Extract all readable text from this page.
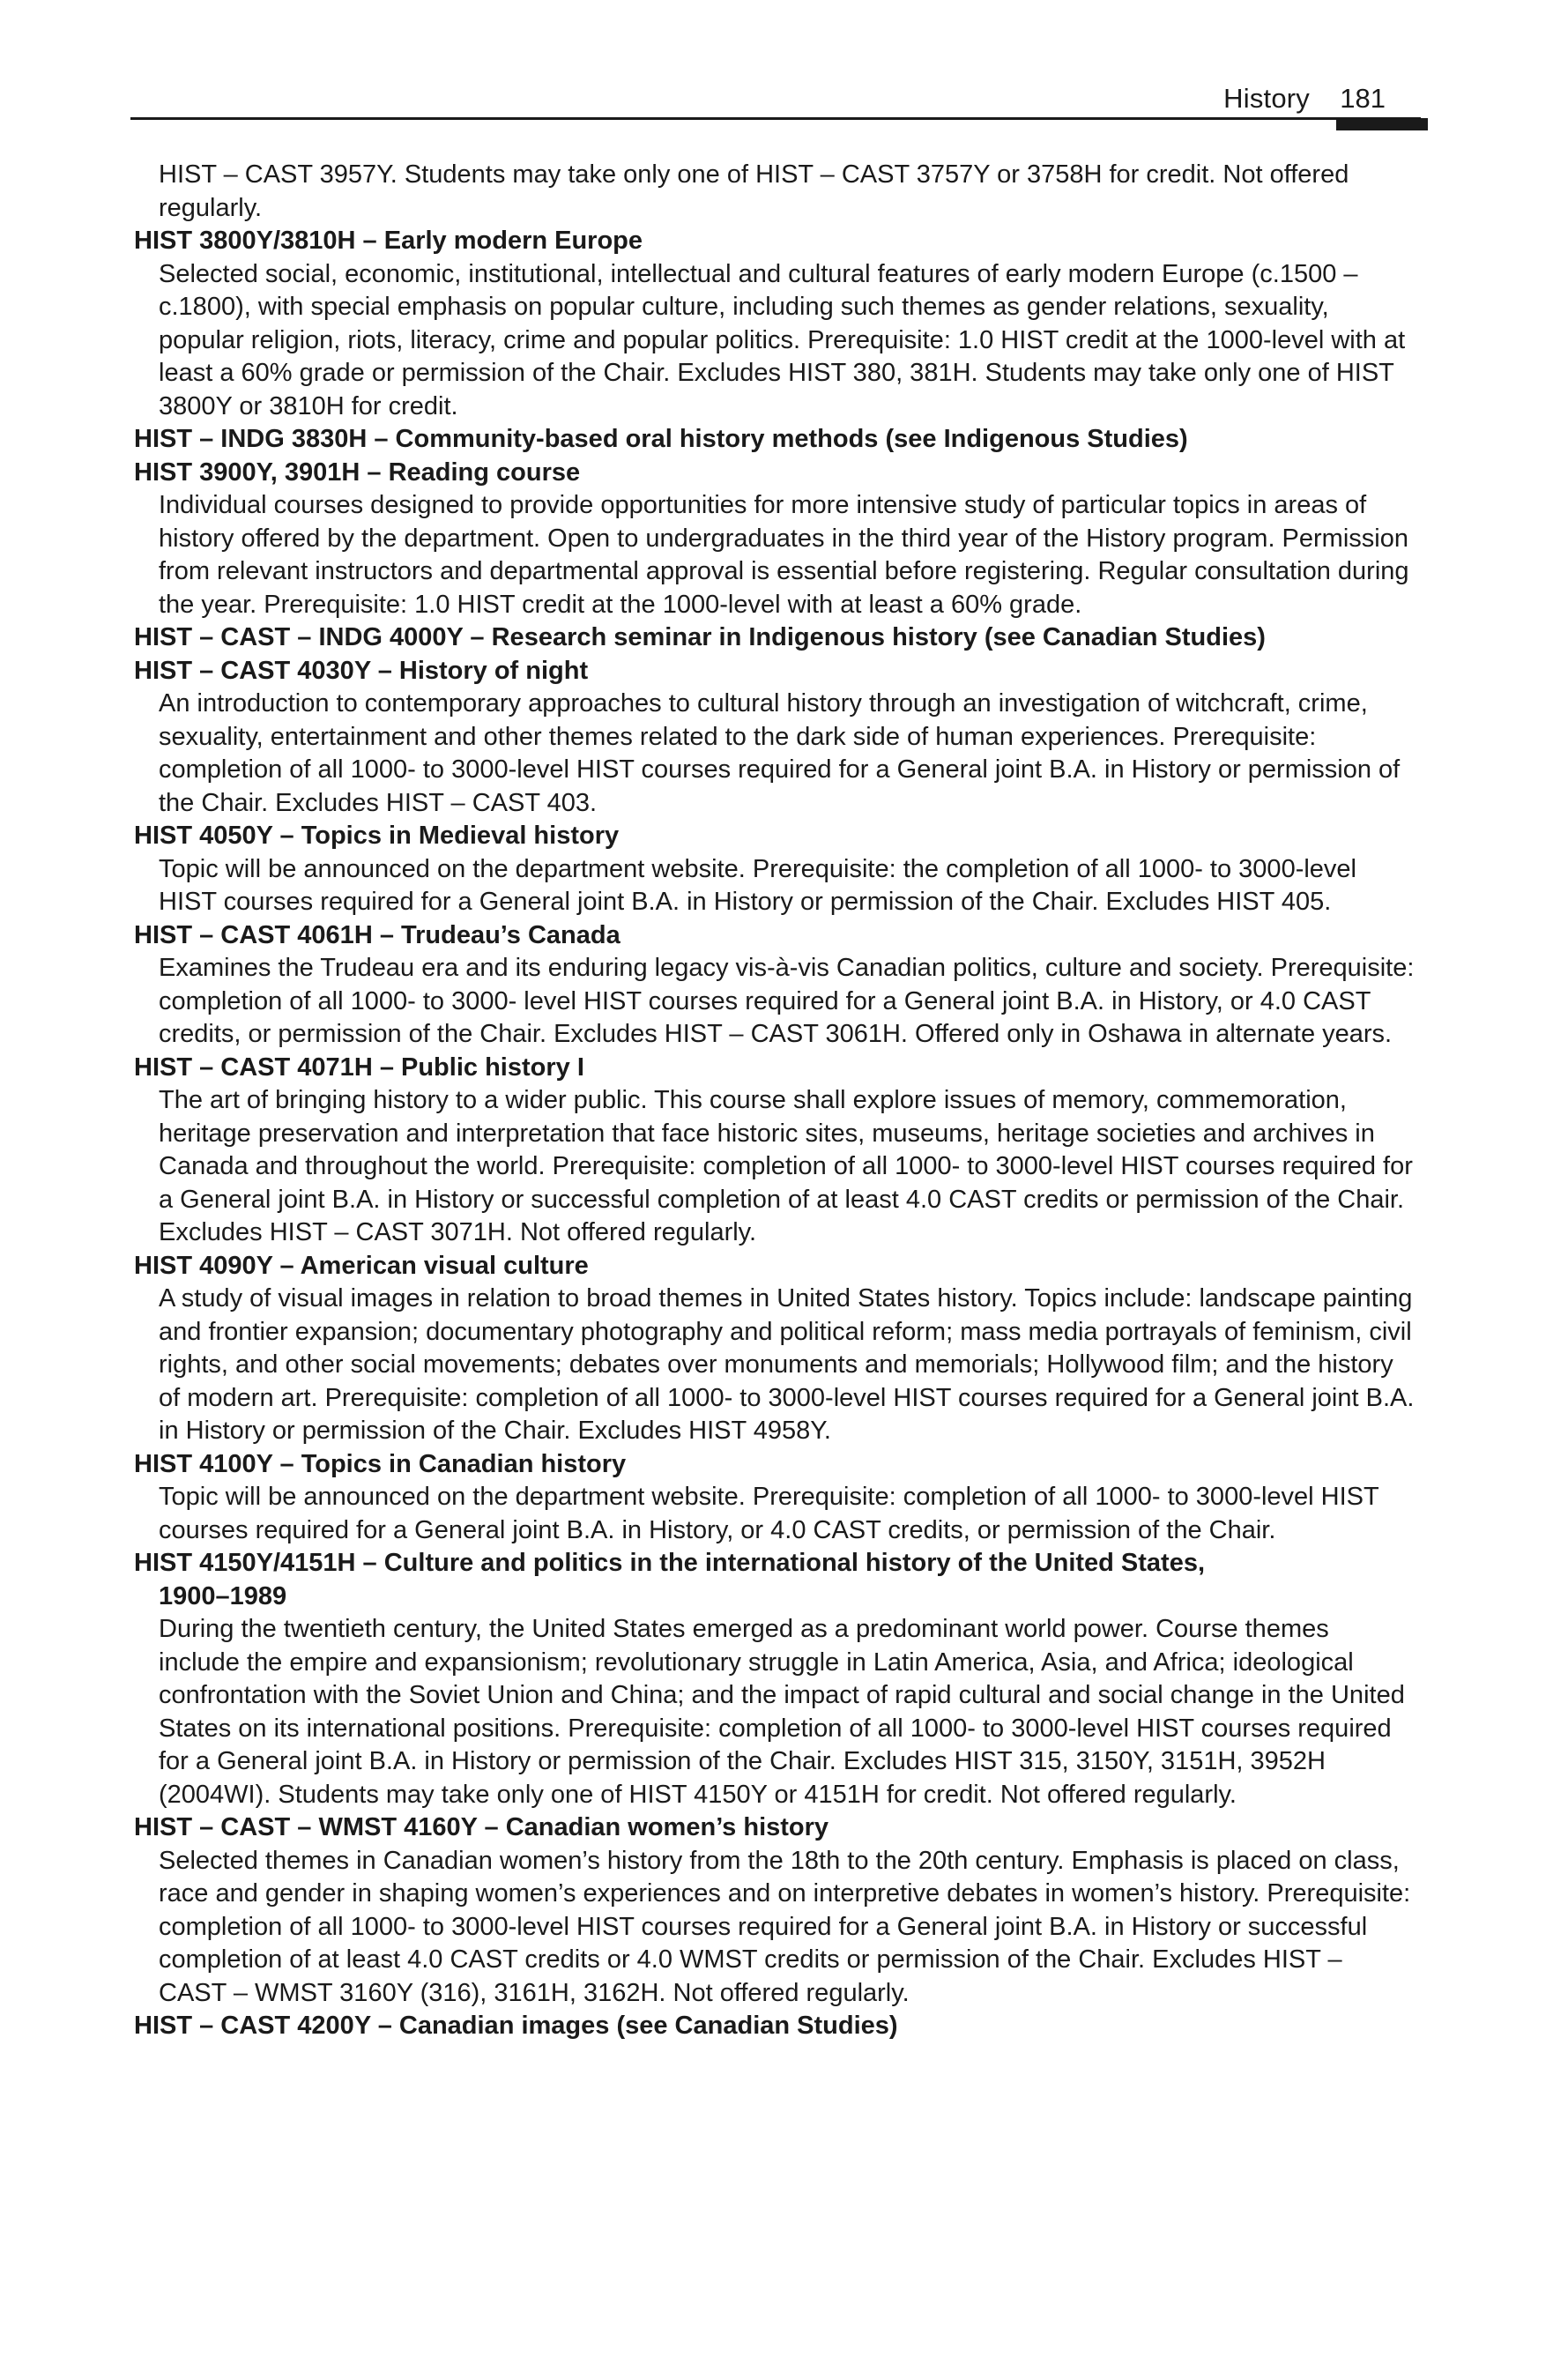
History 181

HIST – CAST 3957Y. Students may take only one of HIST – CAST 3757Y or 3758H for credit. Not offered regularly.

HIST 3800Y/3810H – Early modern Europe

Selected social, economic, institutional, intellectual and cultural features of early modern Europe (c.1500 – c.1800), with special emphasis on popular culture, including such themes as gender relations, sexuality, popular religion, riots, literacy, crime and popular politics. Prerequisite: 1.0 HIST credit at the 1000-level with at least a 60% grade or permission of the Chair. Excludes HIST 380, 381H. Students may take only one of HIST 3800Y or 3810H for credit.

HIST – INDG 3830H – Community-based oral history methods (see Indigenous Studies)

HIST 3900Y, 3901H – Reading course

Individual courses designed to provide opportunities for more intensive study of particular topics in areas of history offered by the department. Open to undergraduates in the third year of the History program. Permission from relevant instructors and departmental approval is essential before registering. Regular consultation during the year. Prerequisite: 1.0 HIST credit at the 1000-level with at least a 60% grade.

HIST – CAST – INDG 4000Y – Research seminar in Indigenous history (see Canadian Studies)

HIST – CAST 4030Y – History of night

An introduction to contemporary approaches to cultural history through an investigation of witchcraft, crime, sexuality, entertainment and other themes related to the dark side of human experiences. Prerequisite: completion of all 1000- to 3000-level HIST courses required for a General joint B.A. in History or permission of the Chair. Excludes HIST – CAST 403.

HIST 4050Y – Topics in Medieval history

Topic will be announced on the department website. Prerequisite: the completion of all 1000- to 3000-level HIST courses required for a General joint B.A. in History or permission of the Chair. Excludes HIST 405.

HIST – CAST 4061H – Trudeau’s Canada

Examines the Trudeau era and its enduring legacy vis-à-vis Canadian politics, culture and society. Prerequisite: completion of all 1000- to 3000- level HIST courses required for a General joint B.A. in History, or 4.0 CAST credits, or permission of the Chair. Excludes HIST – CAST 3061H. Offered only in Oshawa in alternate years.

HIST – CAST 4071H – Public history I

The art of bringing history to a wider public. This course shall explore issues of memory, commemoration, heritage preservation and interpretation that face historic sites, museums, heritage societies and archives in Canada and throughout the world. Prerequisite: completion of all 1000- to 3000-level HIST courses required for a General joint B.A. in History or successful completion of at least 4.0 CAST credits or permission of the Chair. Excludes HIST – CAST 3071H. Not offered regularly.

HIST 4090Y – American visual culture

A study of visual images in relation to broad themes in United States history. Topics include: landscape painting and frontier expansion; documentary photography and political reform; mass media portrayals of feminism, civil rights, and other social movements; debates over monuments and memorials; Hollywood film; and the history of modern art. Prerequisite: completion of all 1000- to 3000-level HIST courses required for a General joint B.A. in History or permission of the Chair. Excludes HIST 4958Y.

HIST 4100Y – Topics in Canadian history

Topic will be announced on the department website. Prerequisite: completion of all 1000- to 3000-level HIST courses required for a General joint B.A. in History, or 4.0 CAST credits, or permission of the Chair.

HIST 4150Y/4151H – Culture and politics in the international history of the United States,
1900–1989

During the twentieth century, the United States emerged as a predominant world power. Course themes include the empire and expansionism; revolutionary struggle in Latin America, Asia, and Africa; ideological confrontation with the Soviet Union and China; and the impact of rapid cultural and social change in the United States on its international positions. Prerequisite: completion of all 1000- to 3000-level HIST courses required for a General joint B.A. in History or permission of the Chair. Excludes HIST 315, 3150Y, 3151H, 3952H (2004WI). Students may take only one of HIST 4150Y or 4151H for credit. Not offered regularly.

HIST – CAST – WMST 4160Y – Canadian women’s history

Selected themes in Canadian women’s history from the 18th to the 20th century. Emphasis is placed on class, race and gender in shaping women’s experiences and on interpretive debates in women’s history. Prerequisite: completion of all 1000- to 3000-level HIST courses required for a General joint B.A. in History or successful completion of at least 4.0 CAST credits or 4.0 WMST credits or permission of the Chair. Excludes HIST – CAST – WMST 3160Y (316), 3161H, 3162H. Not offered regularly.

HIST – CAST 4200Y – Canadian images (see Canadian Studies)
